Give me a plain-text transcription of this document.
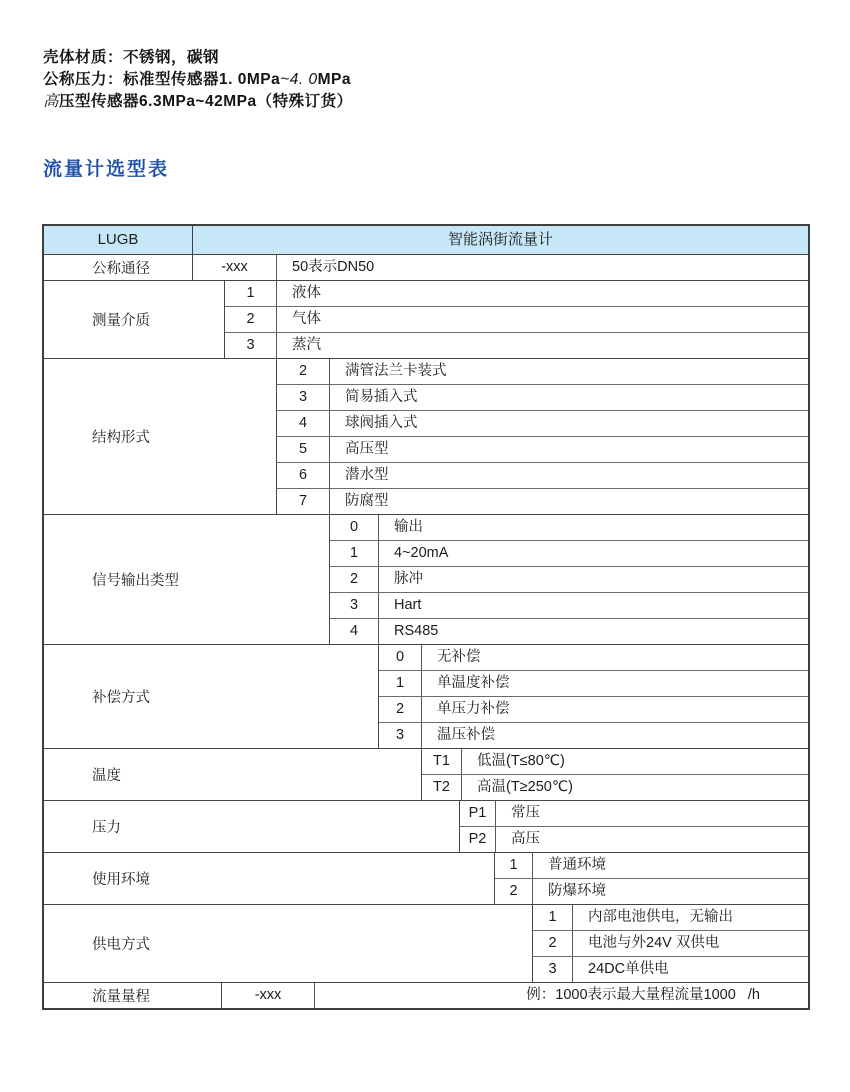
壳体材质：不锈钢，碳钢
公称压力：标准型传感器1. 0MPa~4. 0MPa
高压型传感器6.3MPa~42MPa（特殊订货）
流量计选型表
LUGB	智能涡街流量计
公称通径	-xxx	50表示DN50
测量介质
1	液体
2	气体
3	蒸汽
结构形式
2	满管法兰卡装式
3	简易插入式
4	球阀插入式
5	高压型
6	潜水型
7	防腐型
信号输出类型
0	输出
1	4~20mA
2	脉冲
3	Hart
4	RS485
补偿方式
0	无补偿
1	单温度补偿
2	单压力补偿
3	温压补偿
温度
T1	低温(T≤80℃)
T2	高温(T≥250℃)
压力
P1	常压
P2	高压
使用环境
1	普通环境
2	防爆环境
供电方式
1	内部电池供电，无输出
2	电池与外24V 双供电
3	24DC单供电
流量量程	-xxx	例：1000表示最大量程流量1000   /h
